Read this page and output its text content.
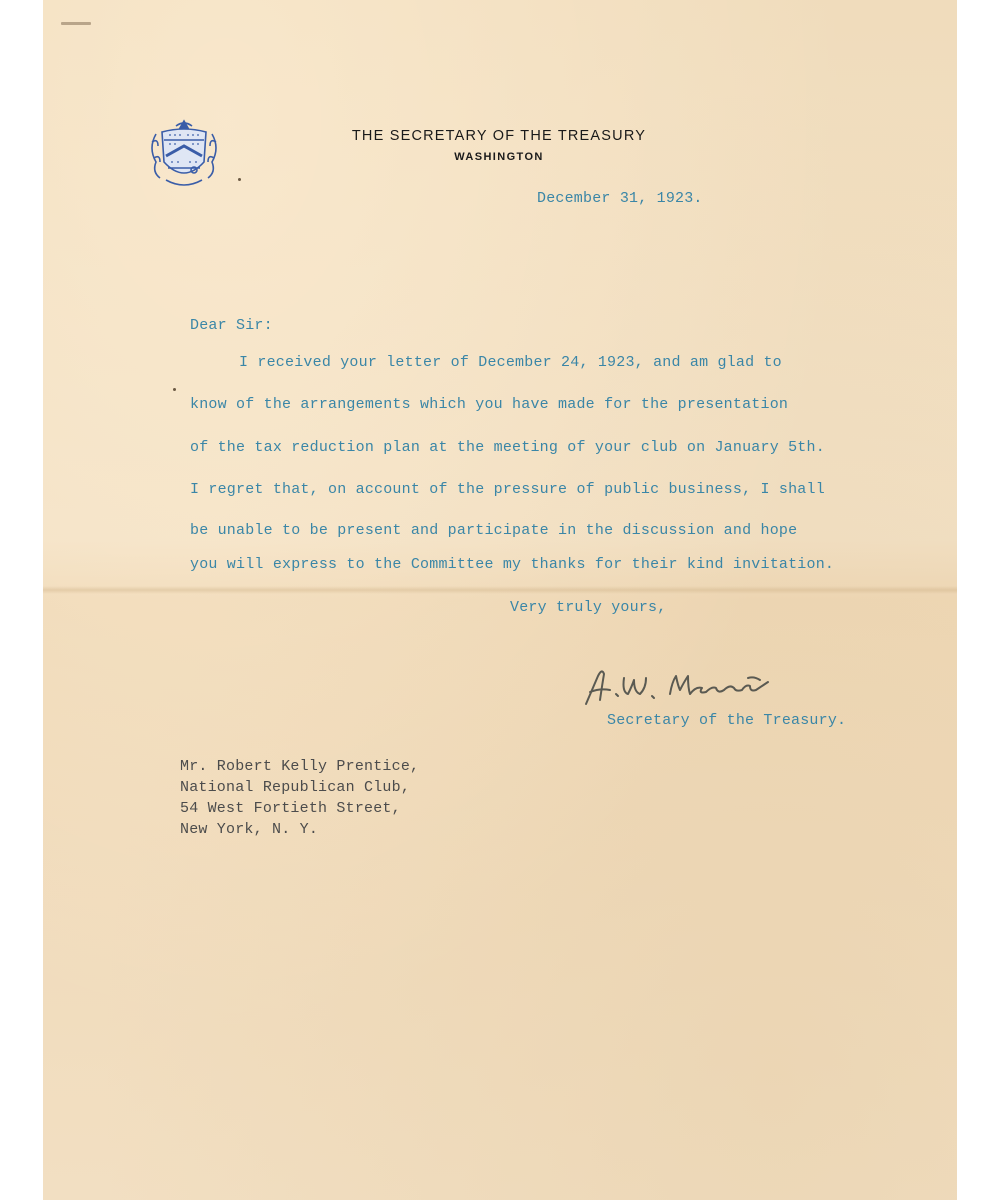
THE SECRETARY OF THE TREASURY
WASHINGTON
December 31, 1923.
Dear Sir:
I received your letter of December 24, 1923, and am glad to
know of the arrangements which you have made for the presentation
of the tax reduction plan at the meeting of your club on January 5th.
I regret that, on account of the pressure of public business, I shall
be unable to be present and participate in the discussion and hope
you will express to the Committee my thanks for their kind invitation.
Very truly yours,
Secretary of the Treasury.
Mr. Robert Kelly Prentice,
National Republican Club,
54 West Fortieth Street,
New York, N. Y.
